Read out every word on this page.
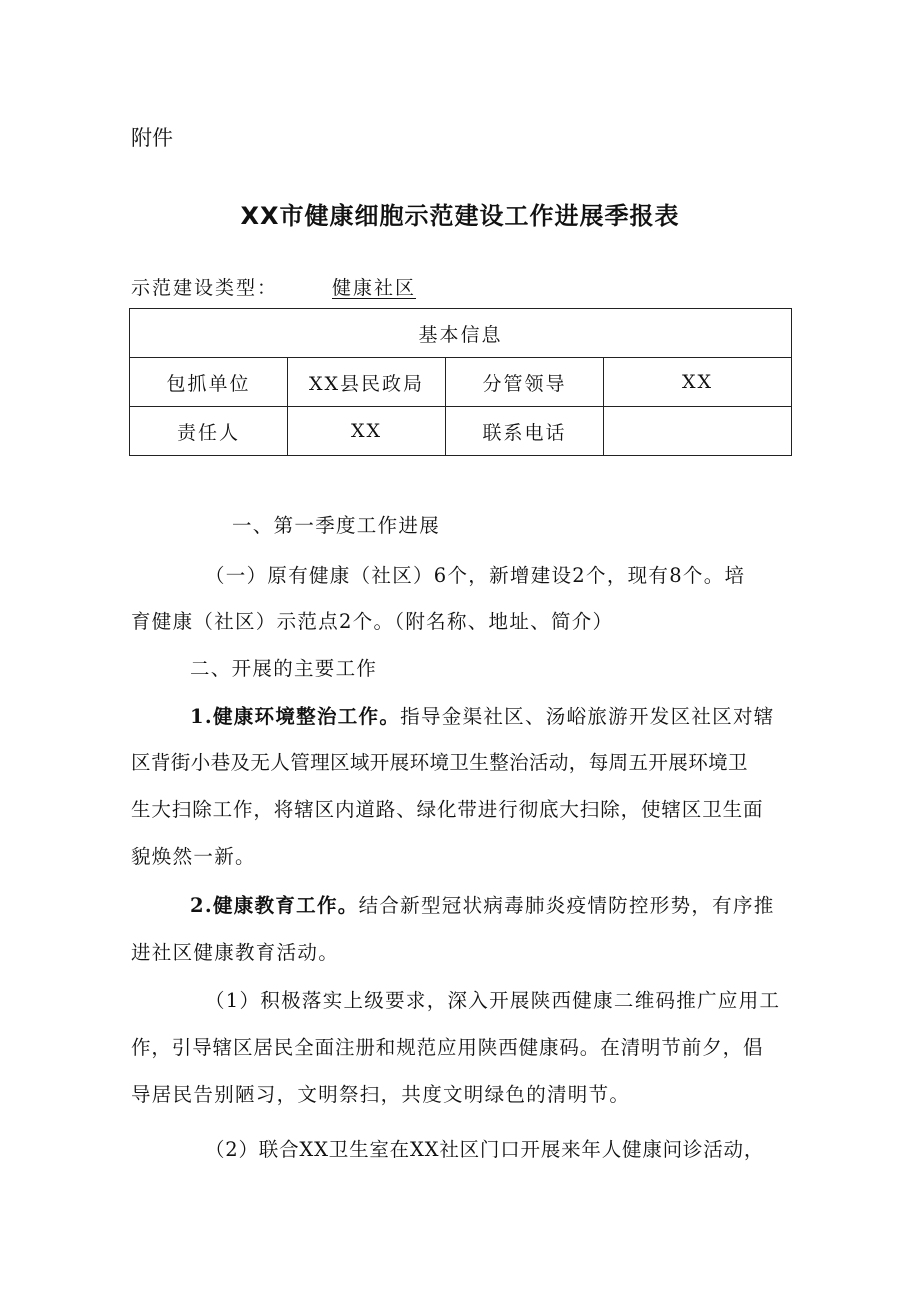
附件
XX市健康细胞示范建设工作进展季报表
示范建设类型：	健康社区
基本信息			
包抓单位	XX县民政局	分管领导	XX
责任人	XX	联系电话	
一、第一季度工作进展
（一）原有健康（社区）6个，新增建设2个，现有8个。培
育健康（社区）示范点2个。（附名称、地址、简介）
二、开展的主要工作
1.健康环境整治工作。指导金渠社区、汤峪旅游开发区社区对辖
区背街小巷及无人管理区域开展环境卫生整治活动，每周五开展环境卫
生大扫除工作，将辖区内道路、绿化带进行彻底大扫除，使辖区卫生面
貌焕然一新。
2.健康教育工作。结合新型冠状病毒肺炎疫情防控形势，有序推
进社区健康教育活动。
（1）积极落实上级要求，深入开展陕西健康二维码推广应用工
作，引导辖区居民全面注册和规范应用陕西健康码。在清明节前夕，倡
导居民告别陋习，文明祭扫，共度文明绿色的清明节。
（2）联合XX卫生室在XX社区门口开展来年人健康问诊活动，
